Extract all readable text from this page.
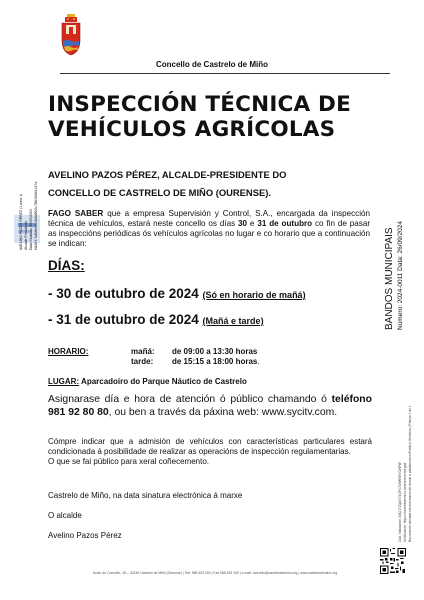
Concello de Castrelo de Miño
AVELINO PAZOS PÉREZ (1 para 1) Alcalde Presidente Data Sinatura: 26/09/2024 HASH: 5d38fcb0c3a0d90f1c7f8e3b8b1c27a
INSPECCIÓN TÉCNICA DE
VEHÍCULOS AGRÍCOLAS
AVELINO PAZOS PÉREZ, ALCALDE-PRESIDENTE DO
CONCELLO DE CASTRELO DE MIÑO (OURENSE).
FAGO SABER que a empresa Supervisión y Control, S.A., encargada da inspección técnica de vehículos, estará neste concello os días 30 e 31 de outubro co fin de pasar as inspeccións periódicas ós vehículos agrícolas no lugar e co horario que a continuación se indican:
DÍAS:
- 30 de outubro de 2024 (Só en horario de mañá)
- 31 de outubro de 2024 (Mañá e tarde)
HORARIO:	mañá: de 09:00 a 13:30 horas
tarde: de 15:15 a 18:00 horas.
LUGAR: Aparcadoiro do Parque Náutico de Castrelo
Asignarase día e hora de atención ó público chamando ó teléfono 981 92 80 80, ou ben a través da páxina web: www.sycitv.com.
Cómpre indicar que a admisión de vehículos con características particulares estará condicionada á posibilidade de realizar as operacións de inspección regulamentarias.
O que se fai público para xeral coñecemento.
Castrelo de Miño, na data sinatura electrónica á marxe
O alcalde
Avelino Pazos Pérez
Avda. do Concello, 18 – 32430 Castrelo de Miño (Ourense) | Telf. 988 493 000 | Fax 988 493 100 | e-mail: concello@castrelodemino.org | www.castrelodemino.org
BANDOS MUNICIPAIS Número: 2024-0011 Data: 26/09/2024
Cód. Validación: A9QJ7ZQAS74QFX7LRWSR7GHPW Verificación: https://castrelodemino.sedelectronica.gal/ Documento asinado electrónicamente desde a plataforma esPublico Gestiona | Páxina 1 de 1
